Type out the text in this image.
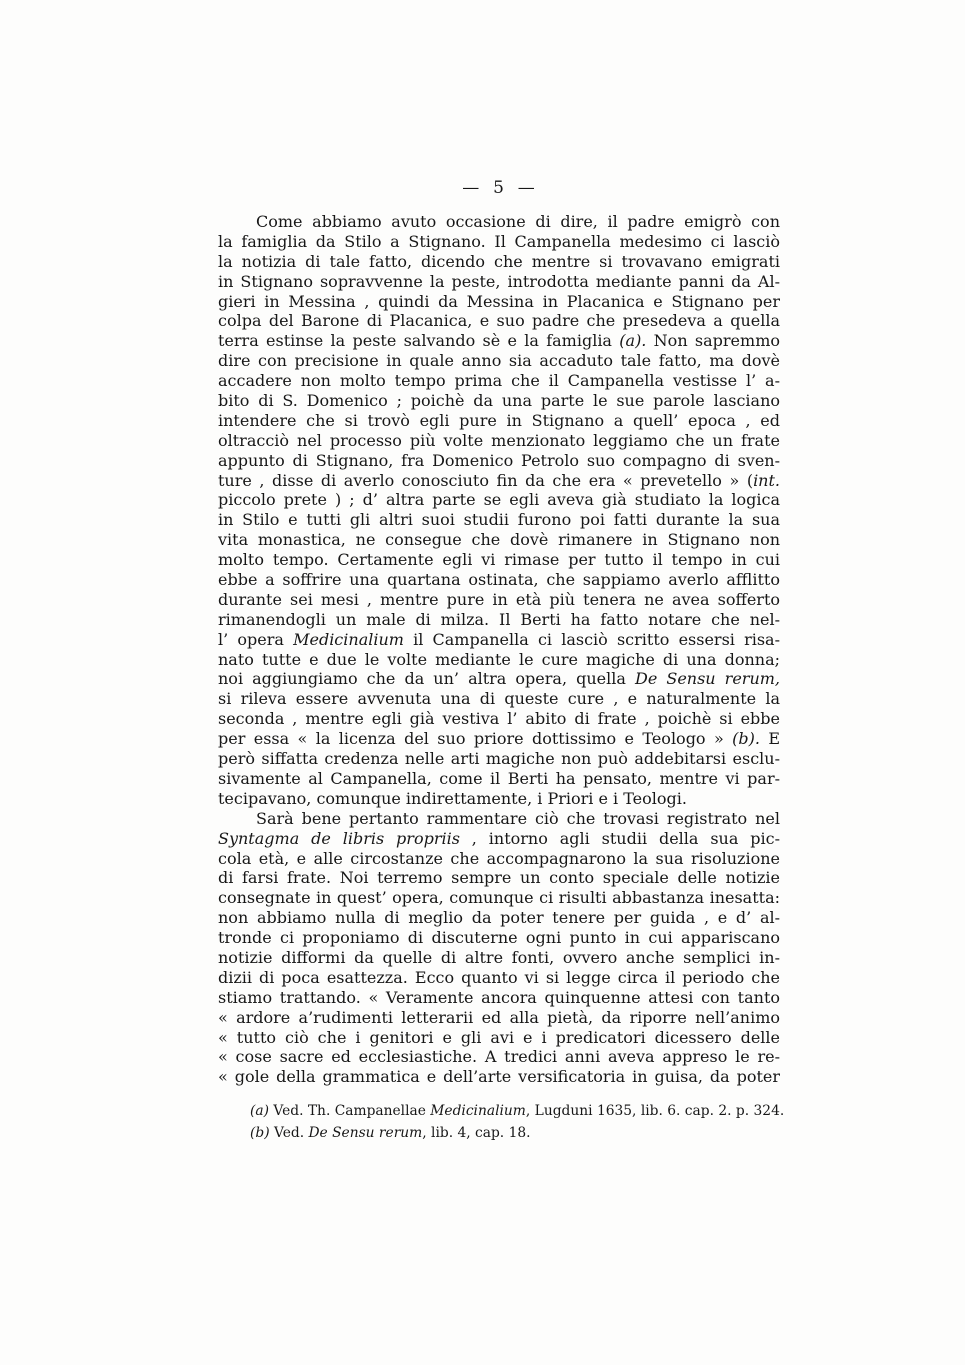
—  5  —
Come abbiamo avuto occasione di dire, il padre emigrò con
la famiglia da Stilo a Stignano. Il Campanella medesimo ci lasciò
la notizia di tale fatto, dicendo che mentre si trovavano emigrati
in Stignano sopravvenne la peste, introdotta mediante panni da Al-
gieri in Messina , quindi da Messina in Placanica e Stignano per
colpa del Barone di Placanica, e suo padre che presedeva a quella
terra estinse la peste salvando sè e la famiglia (a). Non sapremmo
dire con precisione in quale anno sia accaduto tale fatto, ma dovè
accadere non molto tempo prima che il Campanella vestisse l’ a-
bito di S. Domenico ; poichè da una parte le sue parole lasciano
intendere che si trovò egli pure in Stignano a quell’ epoca , ed
oltracciò nel processo più volte menzionato leggiamo che un frate
appunto di Stignano, fra Domenico Petrolo suo compagno di sven-
ture , disse di averlo conosciuto fin da che era « prevetello » (int.
piccolo prete ) ; d’ altra parte se egli aveva già studiato la logica
in Stilo e tutti gli altri suoi studii furono poi fatti durante la sua
vita monastica, ne consegue che dovè rimanere in Stignano non
molto tempo. Certamente egli vi rimase per tutto il tempo in cui
ebbe a soffrire una quartana ostinata, che sappiamo averlo afflitto
durante sei mesi , mentre pure in età più tenera ne avea sofferto
rimanendogli un male di milza. Il Berti ha fatto notare che nel-
l’ opera Medicinalium il Campanella ci lasciò scritto essersi risa-
nato tutte e due le volte mediante le cure magiche di una donna;
noi aggiungiamo che da un’ altra opera, quella De Sensu rerum,
si rileva essere avvenuta una di queste cure , e naturalmente la
seconda , mentre egli già vestiva l’ abito di frate , poichè si ebbe
per essa « la licenza del suo priore dottissimo e Teologo » (b). E
però siffatta credenza nelle arti magiche non può addebitarsi esclu-
sivamente al Campanella, come il Berti ha pensato, mentre vi par-
tecipavano, comunque indirettamente, i Priori e i Teologi.
Sarà bene pertanto rammentare ciò che trovasi registrato nel
Syntagma de libris propriis , intorno agli studii della sua pic-
cola età, e alle circostanze che accompagnarono la sua risoluzione
di farsi frate. Noi terremo sempre un conto speciale delle notizie
consegnate in quest’ opera, comunque ci risulti abbastanza inesatta:
non abbiamo nulla di meglio da poter tenere per guida , e d’ al-
tronde ci proponiamo di discuterne ogni punto in cui appariscano
notizie difformi da quelle di altre fonti, ovvero anche semplici in-
dizii di poca esattezza. Ecco quanto vi si legge circa il periodo che
stiamo trattando. « Veramente ancora quinquenne attesi con tanto
« ardore a’rudimenti letterarii ed alla pietà, da riporre nell’animo
« tutto ciò che i genitori e gli avi e i predicatori dicessero delle
« cose sacre ed ecclesiastiche. A tredici anni aveva appreso le re-
« gole della grammatica e dell’arte versificatoria in guisa, da poter
(a) Ved. Th. Campanellae Medicinalium, Lugduni 1635, lib. 6. cap. 2. p. 324.
(b) Ved. De Sensu rerum, lib. 4, cap. 18.
